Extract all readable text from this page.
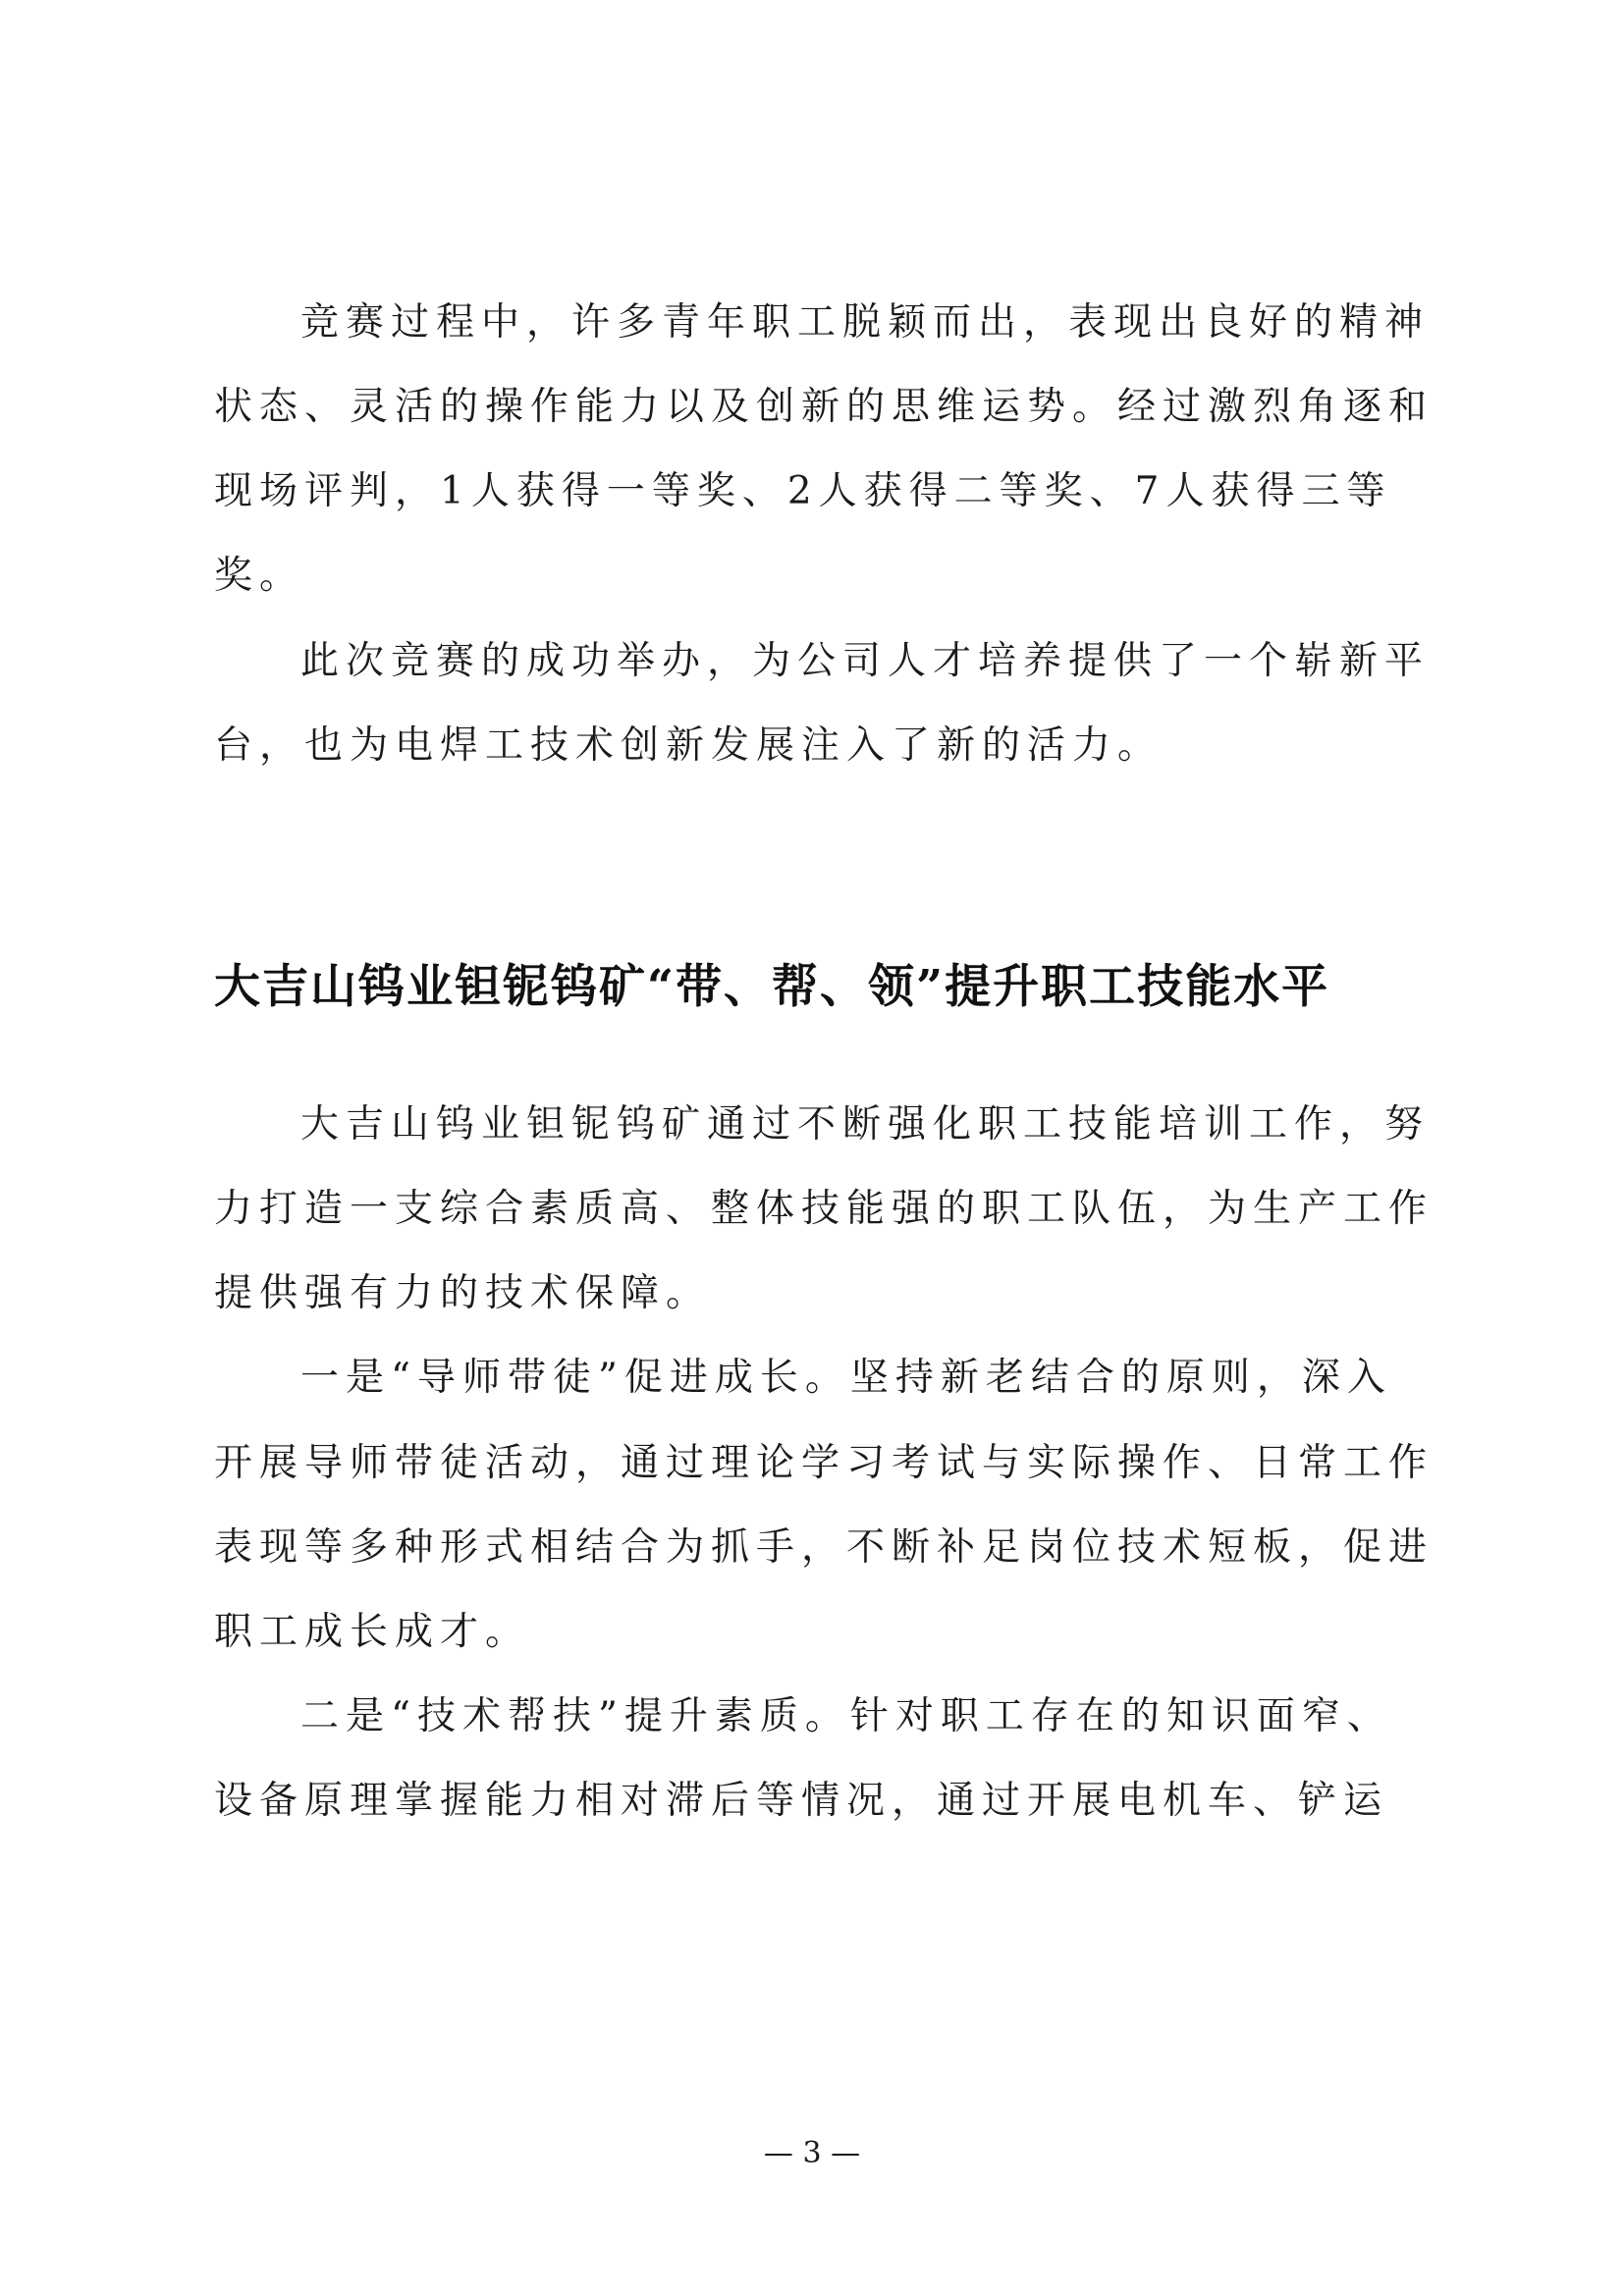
竞赛过程中，许多青年职工脱颖而出，表现出良好的精神
状态、灵活的操作能力以及创新的思维运势。经过激烈角逐和
现场评判，1人获得一等奖、2人获得二等奖、7人获得三等
奖。
此次竞赛的成功举办，为公司人才培养提供了一个崭新平
台，也为电焊工技术创新发展注入了新的活力。
大吉山钨业钽铌钨矿“带、帮、领”提升职工技能水平
大吉山钨业钽铌钨矿通过不断强化职工技能培训工作，努
力打造一支综合素质高、整体技能强的职工队伍，为生产工作
提供强有力的技术保障。
一是“导师带徒”促进成长。坚持新老结合的原则，深入
开展导师带徒活动，通过理论学习考试与实际操作、日常工作
表现等多种形式相结合为抓手，不断补足岗位技术短板，促进
职工成长成才。
二是“技术帮扶”提升素质。针对职工存在的知识面窄、
设备原理掌握能力相对滞后等情况，通过开展电机车、铲运
— 3 —
